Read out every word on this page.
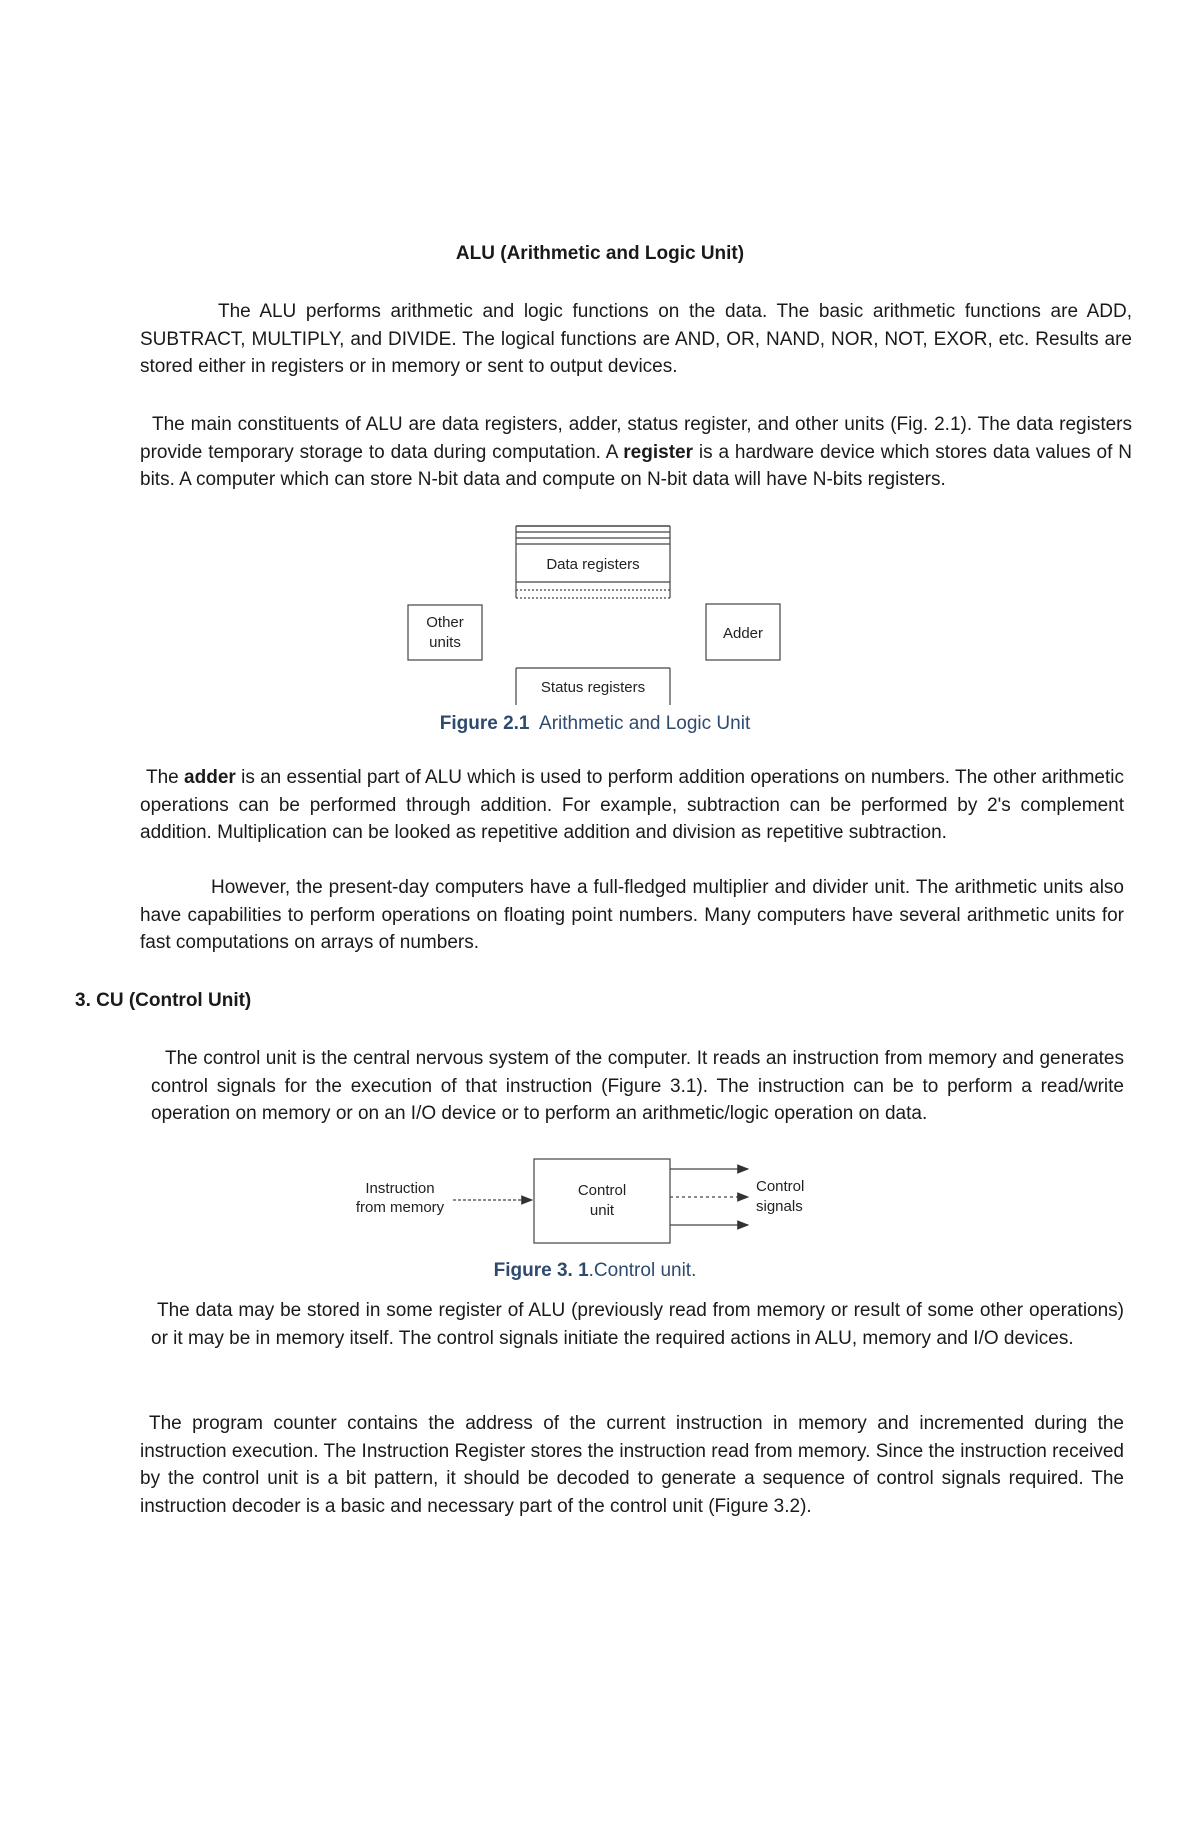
ALU (Arithmetic and Logic Unit)

The ALU performs arithmetic and logic functions on the data. The basic arithmetic functions are ADD, SUBTRACT, MULTIPLY, and DIVIDE. The logical functions are AND, OR, NAND, NOR, NOT, EXOR, etc. Results are stored either in registers or in memory or sent to output devices.

The main constituents of ALU are data registers, adder, status register, and other units (Fig. 2.1). The data registers provide temporary storage to data during computation. A register is a hardware device which stores data values of N bits. A computer which can store N-bit data and compute on N-bit data will have N-bits registers.

Data registers
Other
units
Adder
Status registers
Figure 2.1 Arithmetic and Logic Unit

The adder is an essential part of ALU which is used to perform addition operations on numbers. The other arithmetic operations can be performed through addition. For example, subtraction can be performed by 2's complement addition. Multiplication can be looked as repetitive addition and division as repetitive subtraction.

However, the present-day computers have a full-fledged multiplier and divider unit. The arithmetic units also have capabilities to perform operations on floating point numbers. Many computers have several arithmetic units for fast computations on arrays of numbers.

3. CU (Control Unit)

The control unit is the central nervous system of the computer. It reads an instruction from memory and generates control signals for the execution of that instruction (Figure 3.1). The instruction can be to perform a read/write operation on memory or on an I/O device or to perform an arithmetic/logic operation on data.

Instruction
from memory
Control
unit
Control
signals
Figure 3. 1.Control unit.

The data may be stored in some register of ALU (previously read from memory or result of some other operations) or it may be in memory itself. The control signals initiate the required actions in ALU, memory and I/O devices.

The program counter contains the address of the current instruction in memory and incremented during the instruction execution. The Instruction Register stores the instruction read from memory. Since the instruction received by the control unit is a bit pattern, it should be decoded to generate a sequence of control signals required. The instruction decoder is a basic and necessary part of the control unit (Figure 3.2).
